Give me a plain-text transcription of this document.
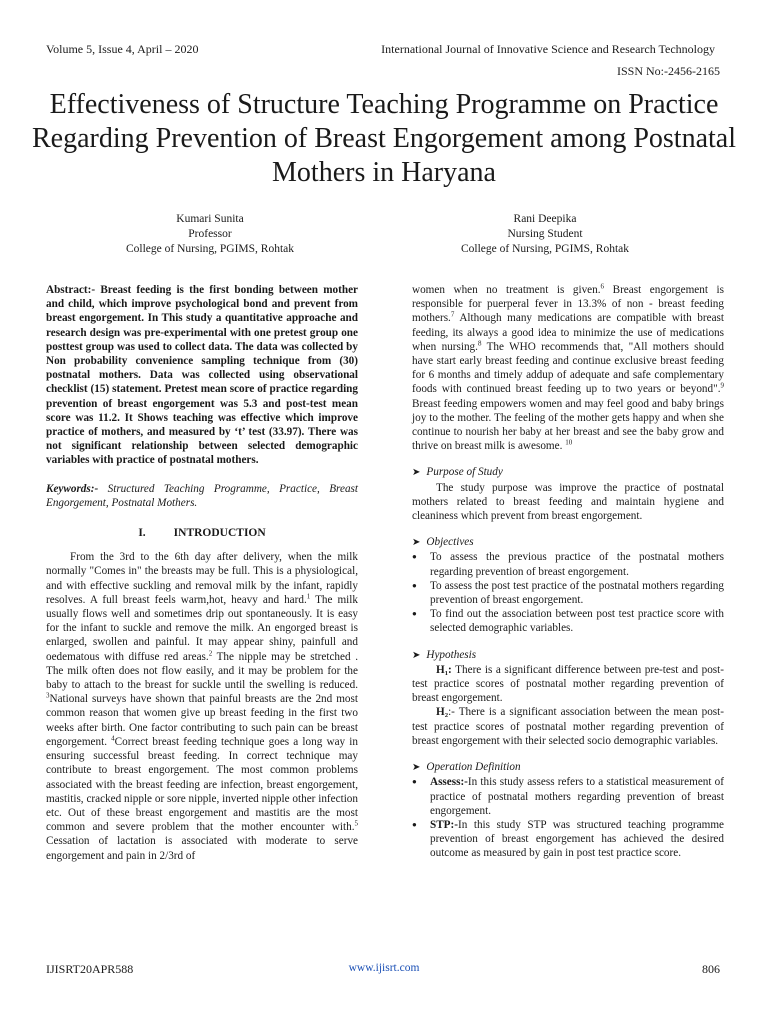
Volume 5, Issue 4, April – 2020	International Journal of Innovative Science and Research Technology
ISSN No:-2456-2165
Effectiveness of Structure Teaching Programme on Practice Regarding Prevention of Breast Engorgement among Postnatal Mothers in Haryana
Kumari Sunita
Professor
College of Nursing, PGIMS, Rohtak
Rani Deepika
Nursing Student
College of Nursing, PGIMS, Rohtak

Abstract:- Breast feeding is the first bonding between mother and child, which improve psychological bond and prevent from breast engorgement. In This study a quantitative approache and research design was pre-experimental with one pretest group one posttest group was used to collect data. The data was collected by Non probability convenience sampling technique from (30) postnatal mothers. Data was collected using observational checklist (15) statement. Pretest mean score of practice regarding prevention of breast engorgement was 5.3 and post-test mean score was 11.2. It Shows teaching was effective which improve practice of mothers, and measured by ‘t’ test (33.97). There was not significant relationship between selected demographic variables with practice of postnatal mothers.

Keywords:- Structured Teaching Programme, Practice, Breast Engorgement, Postnatal Mothers.

I. INTRODUCTION

From the 3rd to the 6th day after delivery, when the milk normally "Comes in" the breasts may be full. This is a physiological, and with effective suckling and removal milk by the infant, rapidly resolves. A full breast feels warm,hot, heavy and hard.$^1$ The milk usually flows well and sometimes drip out spontaneously. It is easy for the infant to suckle and remove the milk. An engorged breast is enlarged, swollen and painful. It may appear shiny, painfull and oedematous with diffuse red areas.$^2$ The nipple may be stretched . The milk often does not flow easily, and it may be problem for the baby to attach to the breast for suckle until the swelling is reduced. $^3$National surveys have shown that painful breasts are the 2nd most common reason that women give up breast feeding in the first two weeks after birth. One factor contributing to such pain can be breast engorgement. $^4$Correct breast feeding technique goes a long way in ensuring successful breast feeding. In correct technique may contribute to breast engorgement. The most common problems associated with the breast feeding are infection, breast engorgement, mastitis, cracked nipple or sore nipple, inverted nipple other infection etc. Out of these breast engorgement and mastitis are the most common and severe problem that the mother encounter with.$^5$ Cessation of lactation is associated with moderate to serve engorgement and pain in 2/3rd of

women when no treatment is given.$^6$ Breast engorgement is responsible for puerperal fever in 13.3% of non - breast feeding mothers.$^7$ Although many medications are compatible with breast feeding, its always a good idea to minimize the use of medications when nursing.$^8$ The WHO recommends that, "All mothers should have start early breast feeding and continue exclusive breast feeding for 6 months and timely addup of adequate and safe complementary foods with continued breast feeding up to two years or beyond".$^9$ Breast feeding empowers women and may feel good and baby brings joy to the mother. The feeling of the mother gets happy and when she continue to nourish her baby at her breast and see the baby grow and thrive on breast milk is awesome. $^{10}$

➤ Purpose of Study

The study purpose was improve the practice of postnatal mothers related to breast feeding and maintain hygiene and cleaniness which prevent from breast engorgement.

➤ Objectives
● To assess the previous practice of the postnatal mothers regarding prevention of breast engorgement.
● To assess the post test practice of the postnatal mothers regarding prevention of breast engorgement.
● To find out the association between post test practice score with selected demographic variables.
➤ Hypothesis

H₁: There is a significant difference between pre-test and post-test practice scores of postnatal mother regarding prevention of breast engorgement.

H₂:- There is a significant association between the mean post-test practice scores of postnatal mother regarding prevention of breast engorgement with their selected socio demographic variables.

➤ Operation Definition
● Assess:-In this study assess refers to a statistical measurement of practice of postnatal mothers regarding prevention of breast engorgement.
● STP:-In this study STP was structured teaching programme prevention of breast engorgement has achieved the desired outcome as measured by gain in post test practice score.
IJISRT20APR588	www.ijisrt.com	806
